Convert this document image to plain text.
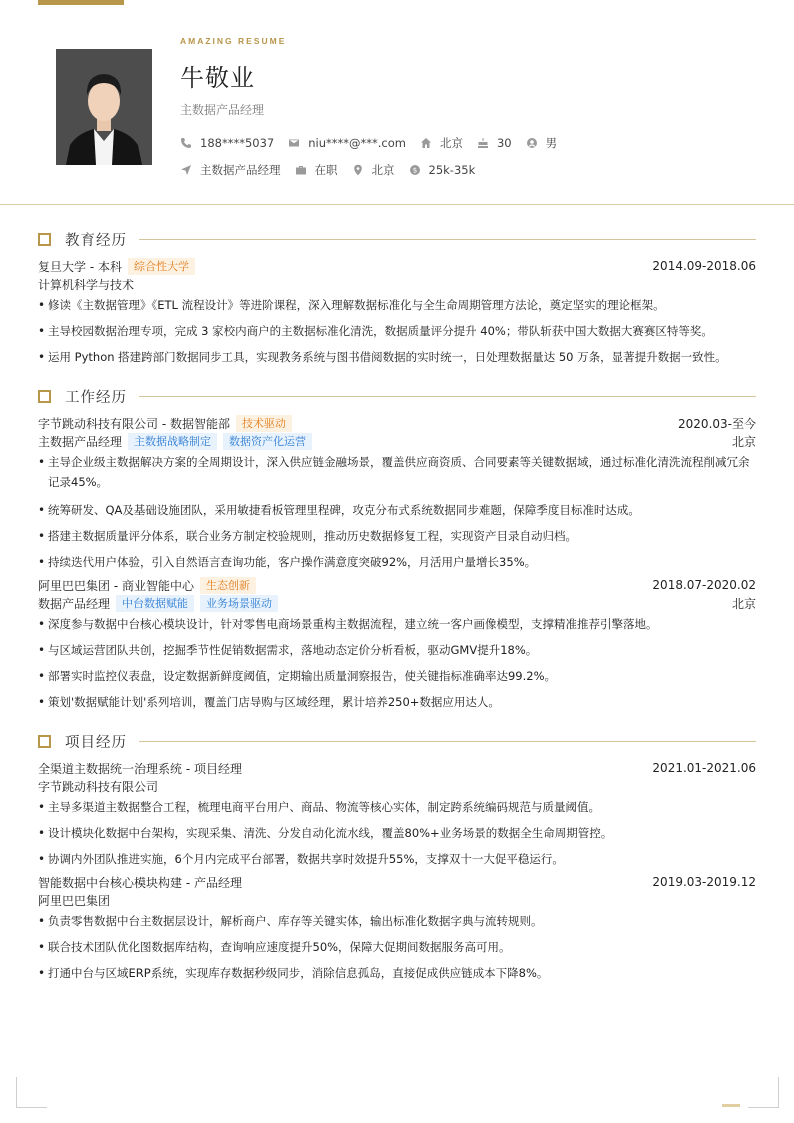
AMAZING RESUME
牛敬业
主数据产品经理
188****5037	niu****@***.com	北京	30	男
主数据产品经理	在职	北京	$ 25k-35k
教育经历
复旦大学 - 本科	综合性大学	2014.09-2018.06
计算机科学与技术
• 修读《主数据管理》《ETL 流程设计》等进阶课程，深入理解数据标准化与全生命周期管理方法论，奠定坚实的理论框架。
• 主导校园数据治理专项，完成 3 家校内商户的主数据标准化清洗，数据质量评分提升 40%；带队斩获中国大数据大赛赛区特等奖。
• 运用 Python 搭建跨部门数据同步工具，实现教务系统与图书借阅数据的实时统一，日处理数据量达 50 万条，显著提升数据一致性。
工作经历
字节跳动科技有限公司 - 数据智能部	技术驱动	2020.03-至今
主数据产品经理	主数据战略制定	数据资产化运营	北京
• 主导企业级主数据解决方案的全周期设计，深入供应链金融场景，覆盖供应商资质、合同要素等关键数据域，通过标准化清洗流程削减冗余记录45%。
• 统筹研发、QA及基础设施团队，采用敏捷看板管理里程碑，攻克分布式系统数据同步难题，保障季度目标准时达成。
• 搭建主数据质量评分体系，联合业务方制定校验规则，推动历史数据修复工程，实现资产目录自动归档。
• 持续迭代用户体验，引入自然语言查询功能，客户操作满意度突破92%，月活用户量增长35%。
阿里巴巴集团 - 商业智能中心	生态创新	2018.07-2020.02
数据产品经理	中台数据赋能	业务场景驱动	北京
• 深度参与数据中台核心模块设计，针对零售电商场景重构主数据流程，建立统一客户画像模型，支撑精准推荐引擎落地。
• 与区域运营团队共创，挖掘季节性促销数据需求，落地动态定价分析看板，驱动GMV提升18%。
• 部署实时监控仪表盘，设定数据新鲜度阈值，定期输出质量洞察报告，使关键指标准确率达99.2%。
• 策划'数据赋能计划'系列培训，覆盖门店导购与区域经理，累计培养250+数据应用达人。
项目经历
全渠道主数据统一治理系统 - 项目经理	2021.01-2021.06
字节跳动科技有限公司
• 主导多渠道主数据整合工程，梳理电商平台用户、商品、物流等核心实体，制定跨系统编码规范与质量阈值。
• 设计模块化数据中台架构，实现采集、清洗、分发自动化流水线，覆盖80%+业务场景的数据全生命周期管控。
• 协调内外团队推进实施，6个月内完成平台部署，数据共享时效提升55%，支撑双十一大促平稳运行。
智能数据中台核心模块构建 - 产品经理	2019.03-2019.12
阿里巴巴集团
• 负责零售数据中台主数据层设计，解析商户、库存等关键实体，输出标准化数据字典与流转规则。
• 联合技术团队优化图数据库结构，查询响应速度提升50%，保障大促期间数据服务高可用。
• 打通中台与区域ERP系统，实现库存数据秒级同步，消除信息孤岛，直接促成供应链成本下降8%。
